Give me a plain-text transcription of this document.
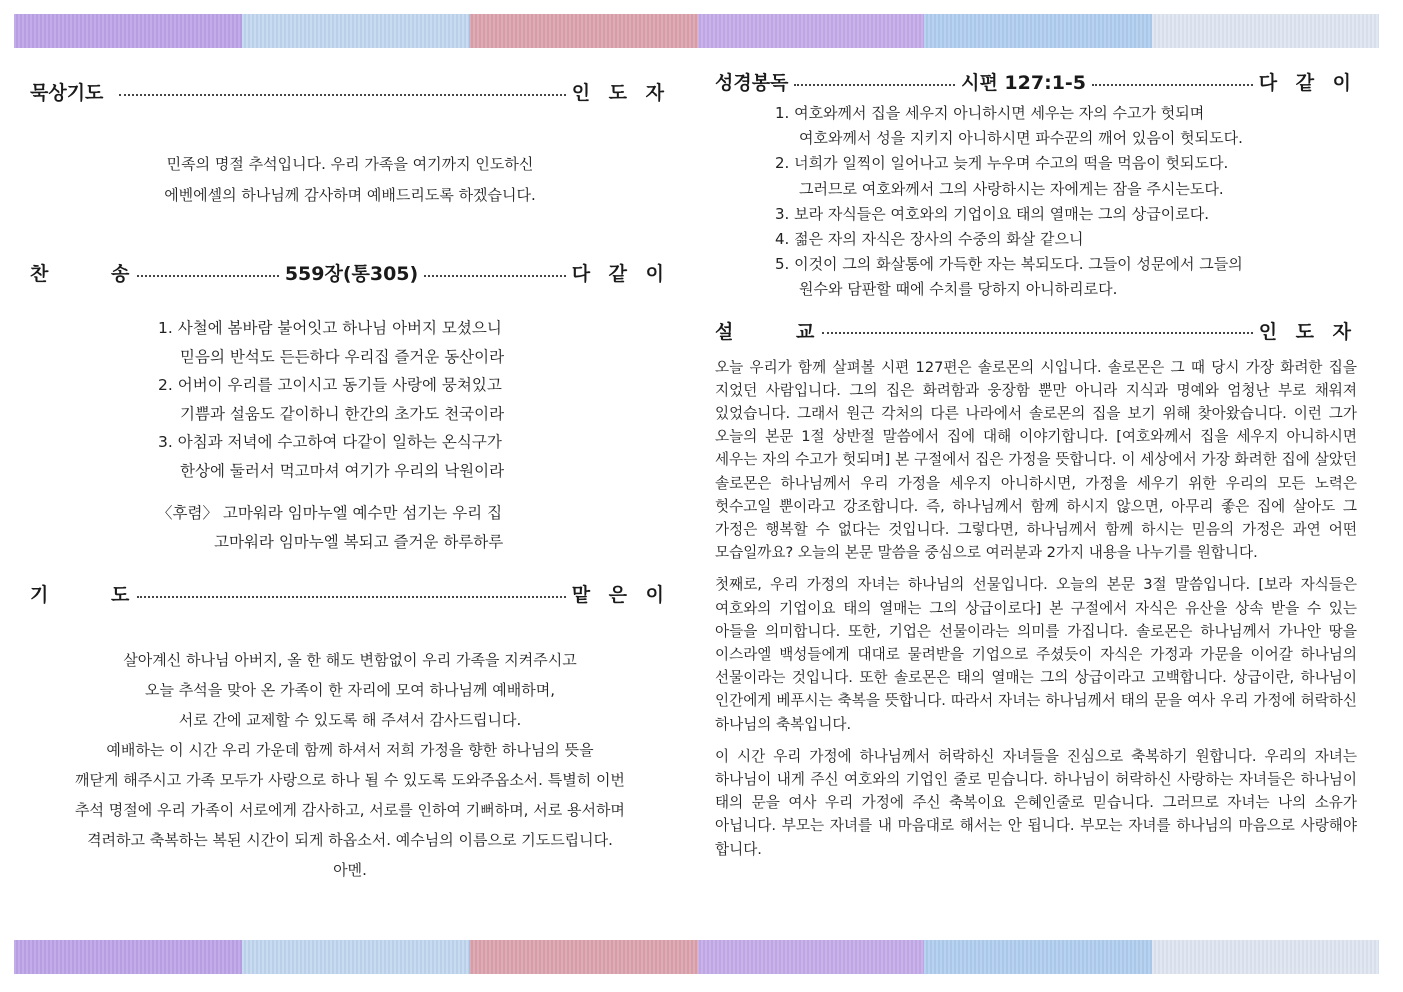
묵상기도	인 도 자
민족의 명절 추석입니다. 우리 가족을 여기까지 인도하신
에벤에셀의 하나님께 감사하며 예배드리도록 하겠습니다.
찬 송	559장(통305)	다 같 이
1. 사철에 봄바람 불어잇고 하나님 아버지 모셨으니
믿음의 반석도 든든하다 우리집 즐거운 동산이라
2. 어버이 우리를 고이시고 동기들 사랑에 뭉쳐있고
기쁨과 설움도 같이하니 한간의 초가도 천국이라
3. 아침과 저녁에 수고하여 다같이 일하는 온식구가
한상에 둘러서 먹고마셔 여기가 우리의 낙원이라
〈후렴〉 고마워라 임마누엘 예수만 섬기는 우리 집
고마워라 임마누엘 복되고 즐거운 하루하루
기 도	맡 은 이
살아계신 하나님 아버지, 올 한 해도 변함없이 우리 가족을 지켜주시고
오늘 추석을 맞아 온 가족이 한 자리에 모여 하나님께 예배하며,
서로 간에 교제할 수 있도록 해 주셔서 감사드립니다.
예배하는 이 시간 우리 가운데 함께 하셔서 저희 가정을 향한 하나님의 뜻을
깨닫게 해주시고 가족 모두가 사랑으로 하나 될 수 있도록 도와주옵소서. 특별히 이번
추석 명절에 우리 가족이 서로에게 감사하고, 서로를 인하여 기뻐하며, 서로 용서하며
격려하고 축복하는 복된 시간이 되게 하옵소서. 예수님의 이름으로 기도드립니다.
아멘.
성경봉독	시편 127:1-5	다 같 이
1. 여호와께서 집을 세우지 아니하시면 세우는 자의 수고가 헛되며
여호와께서 성을 지키지 아니하시면 파수꾼의 깨어 있음이 헛되도다.
2. 너희가 일찍이 일어나고 늦게 누우며 수고의 떡을 먹음이 헛되도다.
그러므로 여호와께서 그의 사랑하시는 자에게는 잠을 주시는도다.
3. 보라 자식들은 여호와의 기업이요 태의 열매는 그의 상급이로다.
4. 젊은 자의 자식은 장사의 수중의 화살 같으니
5. 이것이 그의 화살통에 가득한 자는 복되도다. 그들이 성문에서 그들의
원수와 담판할 때에 수치를 당하지 아니하리로다.
설 교	인 도 자

오늘 우리가 함께 살펴볼 시편 127편은 솔로몬의 시입니다. 솔로몬은 그 때 당시 가장 화려한 집을 지었던 사람입니다. 그의 집은 화려함과 웅장함 뿐만 아니라 지식과 명예와 엄청난 부로 채워져 있었습니다. 그래서 원근 각처의 다른 나라에서 솔로몬의 집을 보기 위해 찾아왔습니다. 이런 그가 오늘의 본문 1절 상반절 말씀에서 집에 대해 이야기합니다. [여호와께서 집을 세우지 아니하시면 세우는 자의 수고가 헛되며] 본 구절에서 집은 가정을 뜻합니다. 이 세상에서 가장 화려한 집에 살았던 솔로몬은 하나님께서 우리 가정을 세우지 아니하시면, 가정을 세우기 위한 우리의 모든 노력은 헛수고일 뿐이라고 강조합니다. 즉, 하나님께서 함께 하시지 않으면, 아무리 좋은 집에 살아도 그 가정은 행복할 수 없다는 것입니다. 그렇다면, 하나님께서 함께 하시는 믿음의 가정은 과연 어떤 모습일까요? 오늘의 본문 말씀을 중심으로 여러분과 2가지 내용을 나누기를 원합니다.

첫째로, 우리 가정의 자녀는 하나님의 선물입니다. 오늘의 본문 3절 말씀입니다. [보라 자식들은 여호와의 기업이요 태의 열매는 그의 상급이로다] 본 구절에서 자식은 유산을 상속 받을 수 있는 아들을 의미합니다. 또한, 기업은 선물이라는 의미를 가집니다. 솔로몬은 하나님께서 가나안 땅을 이스라엘 백성들에게 대대로 물려받을 기업으로 주셨듯이 자식은 가정과 가문을 이어갈 하나님의 선물이라는 것입니다. 또한 솔로몬은 태의 열매는 그의 상급이라고 고백합니다. 상급이란, 하나님이 인간에게 베푸시는 축복을 뜻합니다. 따라서 자녀는 하나님께서 태의 문을 여사 우리 가정에 허락하신 하나님의 축복입니다.

이 시간 우리 가정에 하나님께서 허락하신 자녀들을 진심으로 축복하기 원합니다. 우리의 자녀는 하나님이 내게 주신 여호와의 기업인 줄로 믿습니다. 하나님이 허락하신 사랑하는 자녀들은 하나님이 태의 문을 여사 우리 가정에 주신 축복이요 은혜인줄로 믿습니다. 그러므로 자녀는 나의 소유가 아닙니다. 부모는 자녀를 내 마음대로 해서는 안 됩니다. 부모는 자녀를 하나님의 마음으로 사랑해야 합니다.
